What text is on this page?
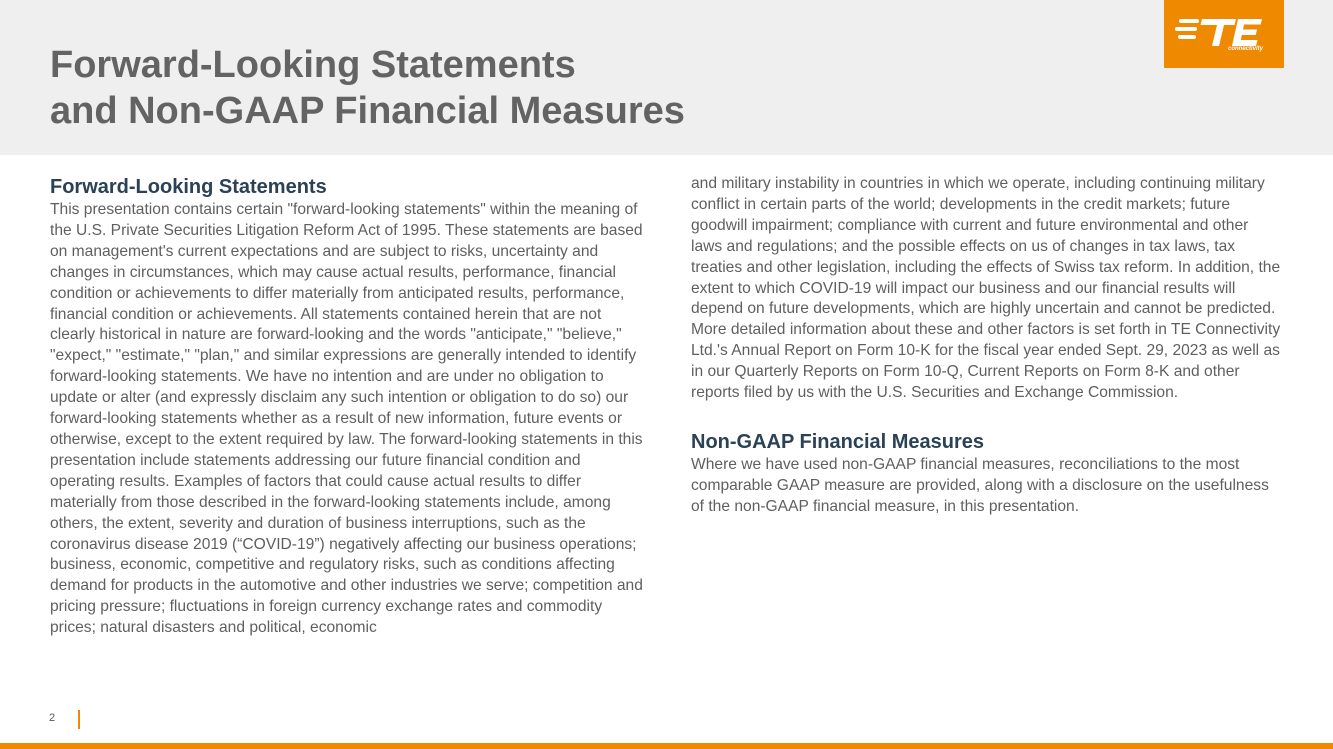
Forward-Looking Statements
and Non-GAAP Financial Measures
connectivity
Forward-Looking Statements

This presentation contains certain "forward-looking statements" within the meaning of the U.S. Private Securities Litigation Reform Act of 1995. These statements are based on management's current expectations and are subject to risks, uncertainty and changes in circumstances, which may cause actual results, performance, financial condition or achievements to differ materially from anticipated results, performance, financial condition or achievements. All statements contained herein that are not clearly historical in nature are forward-looking and the words "anticipate," "believe," "expect," "estimate," "plan," and similar expressions are generally intended to identify forward-looking statements. We have no intention and are under no obligation to update or alter (and expressly disclaim any such intention or obligation to do so) our forward-looking statements whether as a result of new information, future events or otherwise, except to the extent required by law. The forward-looking statements in this presentation include statements addressing our future financial condition and operating results. Examples of factors that could cause actual results to differ materially from those described in the forward-looking statements include, among others, the extent, severity and duration of business interruptions, such as the coronavirus disease 2019 (“COVID-19”) negatively affecting our business operations; business, economic, competitive and regulatory risks, such as conditions affecting demand for products in the automotive and other industries we serve; competition and pricing pressure; fluctuations in foreign currency exchange rates and commodity prices; natural disasters and political, economic

and military instability in countries in which we operate, including continuing military conflict in certain parts of the world; developments in the credit markets; future goodwill impairment; compliance with current and future environmental and other laws and regulations; and the possible effects on us of changes in tax laws, tax treaties and other legislation, including the effects of Swiss tax reform. In addition, the extent to which COVID-19 will impact our business and our financial results will depend on future developments, which are highly uncertain and cannot be predicted. More detailed information about these and other factors is set forth in TE Connectivity Ltd.'s Annual Report on Form 10-K for the fiscal year ended Sept. 29, 2023 as well as in our Quarterly Reports on Form 10-Q, Current Reports on Form 8-K and other reports filed by us with the U.S. Securities and Exchange Commission.

Non-GAAP Financial Measures

Where we have used non-GAAP financial measures, reconciliations to the most comparable GAAP measure are provided, along with a disclosure on the usefulness of the non-GAAP financial measure, in this presentation.

2
